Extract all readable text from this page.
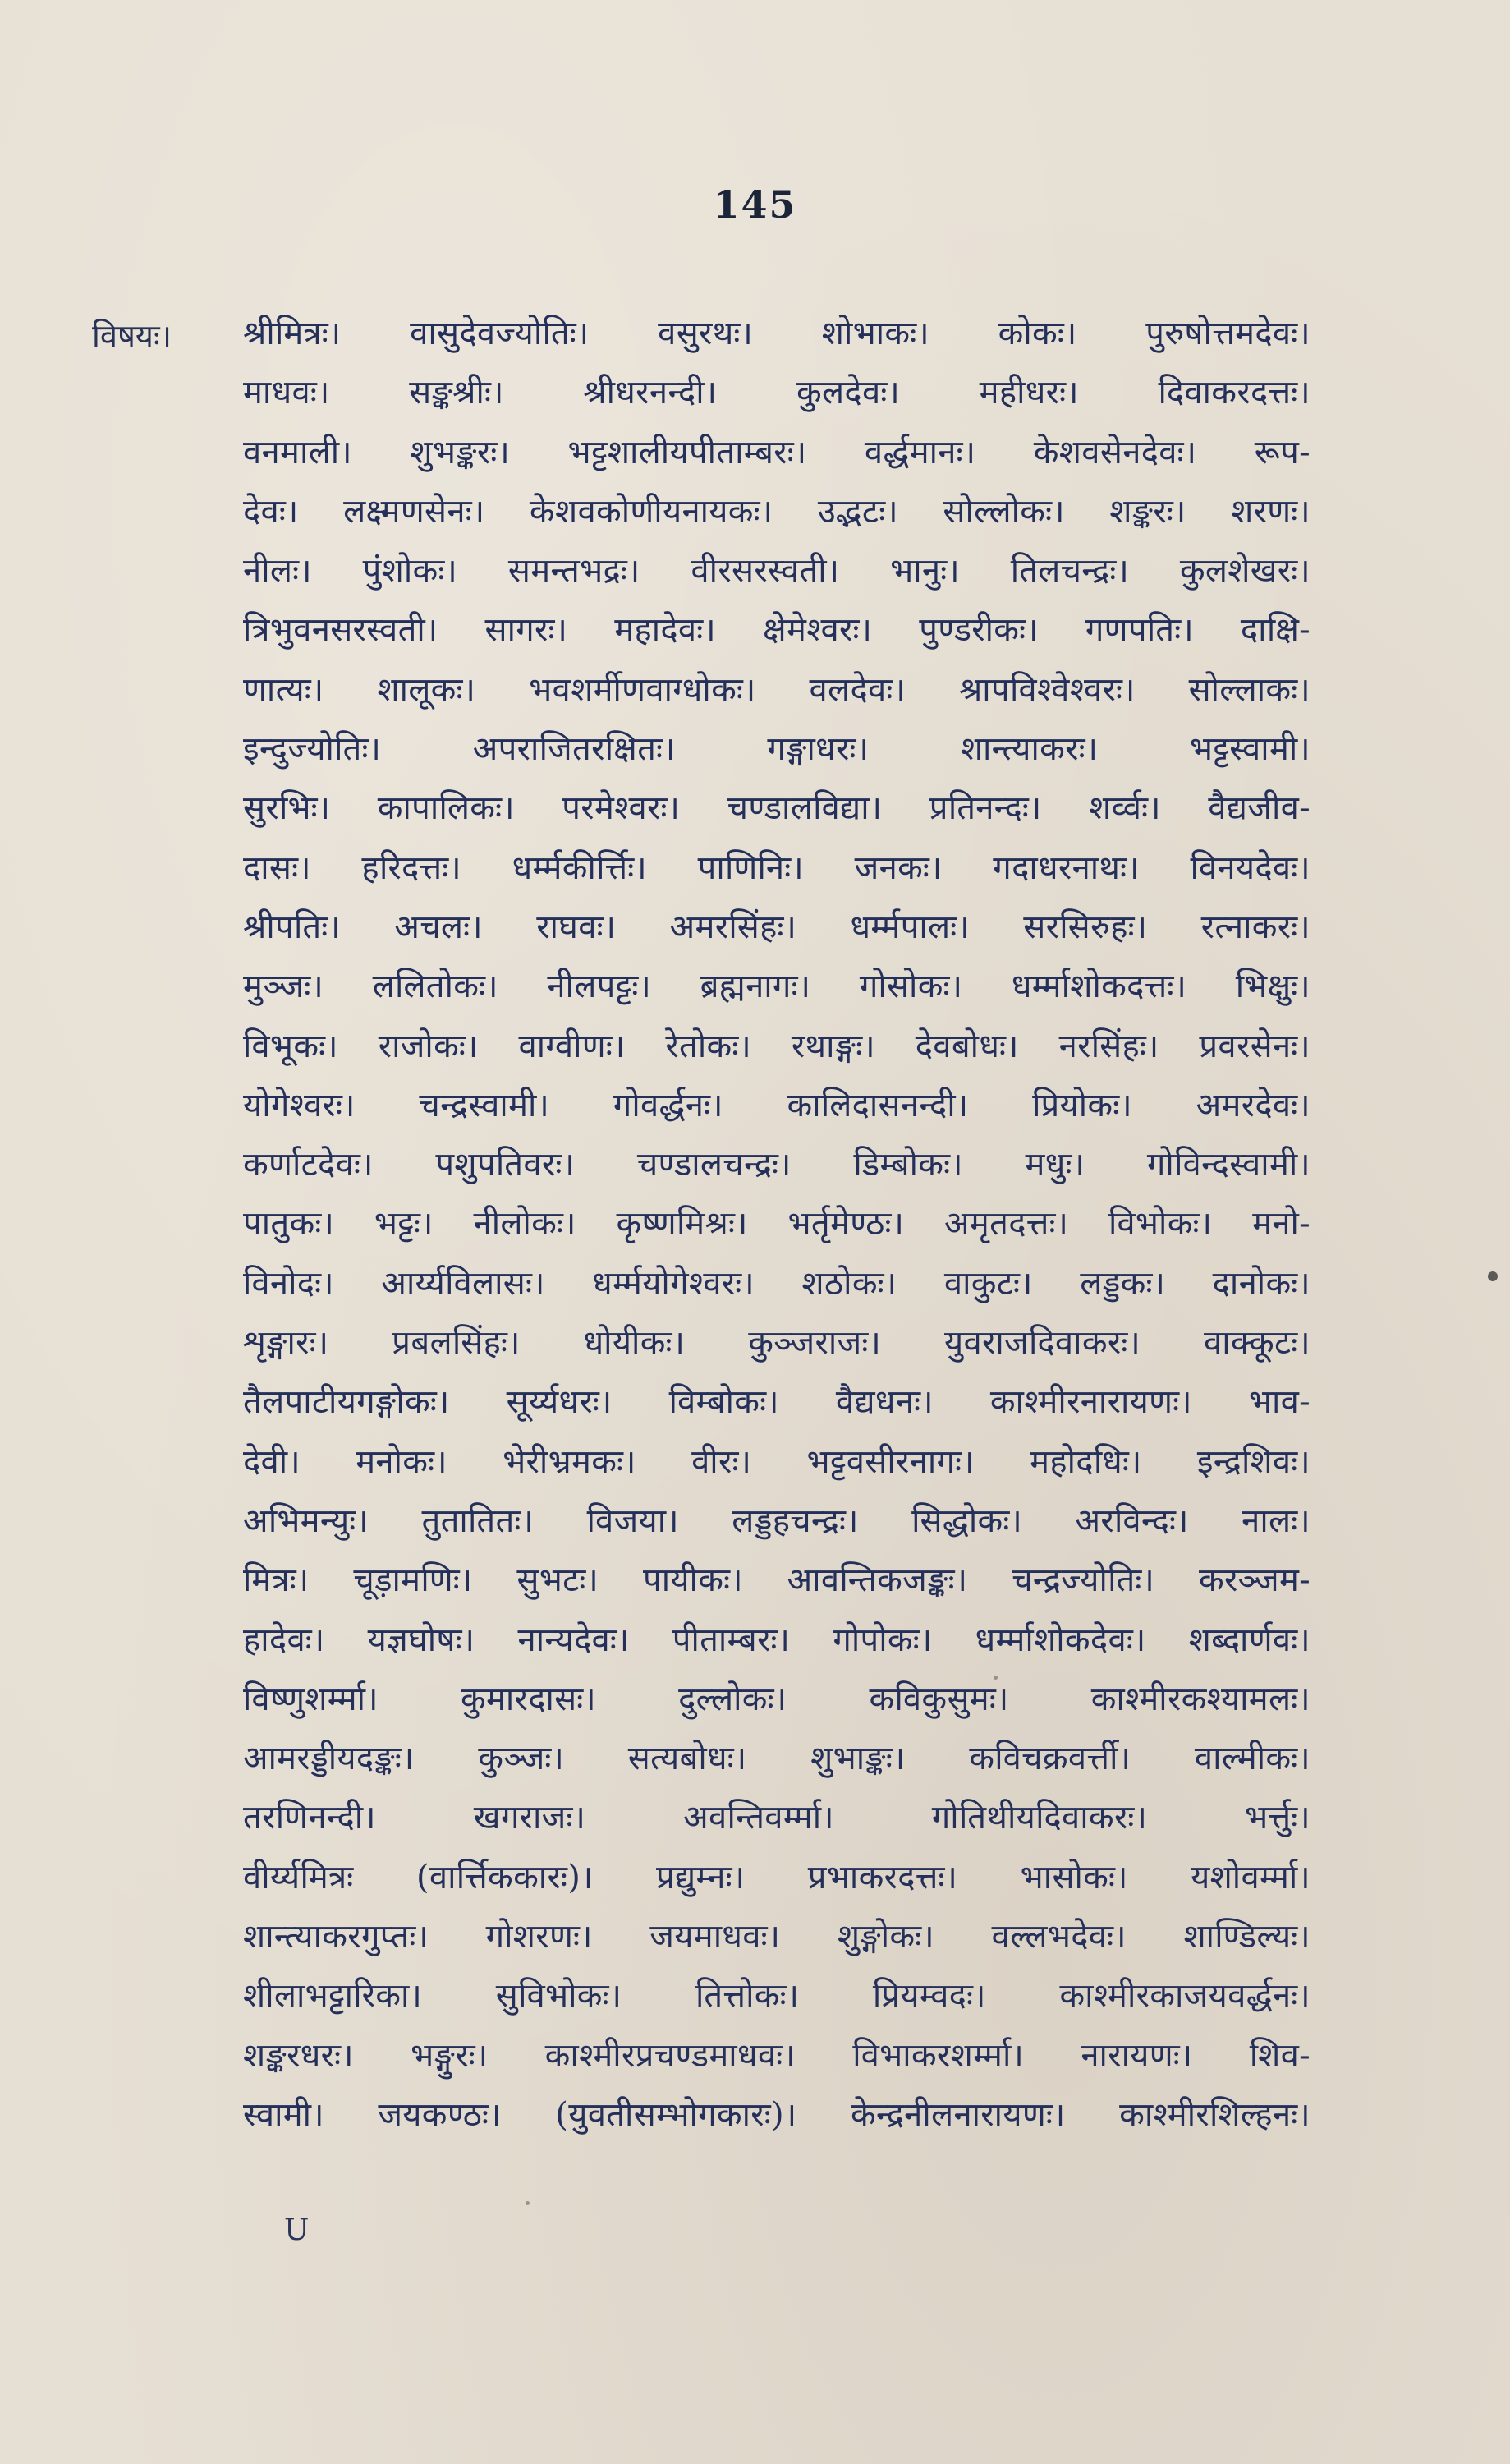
145
विषयः। श्रीमित्रः। वासुदेवज्योतिः। वसुरथः। शोभाकः। कोकः। पुरुषोत्तमदेवः।
माधवः। सङ्कश्रीः। श्रीधरनन्दी। कुलदेवः। महीधरः। दिवाकरदत्तः।
वनमाली। शुभङ्करः। भट्टशालीयपीताम्बरः। वर्द्धमानः। केशवसेनदेवः। रूप-
देवः। लक्ष्मणसेनः। केशवकोणीयनायकः। उद्भटः। सोल्लोकः। शङ्करः। शरणः।
नीलः। पुंशोकः। समन्तभद्रः। वीरसरस्वती। भानुः। तिलचन्द्रः। कुलशेखरः।
त्रिभुवनसरस्वती। सागरः। महादेवः। क्षेमेश्वरः। पुण्डरीकः। गणपतिः। दाक्षि-
णात्यः। शालूकः। भवशर्मीणवाग्धोकः। वलदेवः। श्रापविश्वेश्वरः। सोल्लाकः।
इन्दुज्योतिः। अपराजितरक्षितः। गङ्गाधरः। शान्त्याकरः। भट्टस्वामी।
सुरभिः। कापालिकः। परमेश्वरः। चण्डालविद्या। प्रतिनन्दः। शर्व्वः। वैद्यजीव-
दासः। हरिदत्तः। धर्म्मकीर्त्तिः। पाणिनिः। जनकः। गदाधरनाथः। विनयदेवः।
श्रीपतिः। अचलः। राघवः। अमरसिंहः। धर्म्मपालः। सरसिरुहः। रत्नाकरः।
मुञ्जः। ललितोकः। नीलपट्टः। ब्रह्मनागः। गोसोकः। धर्म्माशोकदत्तः। भिक्षुः।
विभूकः। राजोकः। वाग्वीणः। रेतोकः। रथाङ्गः। देवबोधः। नरसिंहः। प्रवरसेनः।
योगेश्वरः। चन्द्रस्वामी। गोवर्द्धनः। कालिदासनन्दी। प्रियोकः। अमरदेवः।
कर्णाटदेवः। पशुपतिवरः। चण्डालचन्द्रः। डिम्बोकः। मधुः। गोविन्दस्वामी।
पातुकः। भट्टः। नीलोकः। कृष्णमिश्रः। भर्तृमेण्ठः। अमृतदत्तः। विभोकः। मनो-
विनोदः। आर्य्यविलासः। धर्म्मयोगेश्वरः। शठोकः। वाकुटः। लड्डकः। दानोकः।
शृङ्गारः। प्रबलसिंहः। धोयीकः। कुञ्जराजः। युवराजदिवाकरः। वाक्कूटः।
तैलपाटीयगङ्गोकः। सूर्य्यधरः। विम्बोकः। वैद्यधनः। काश्मीरनारायणः। भाव-
देवी। मनोकः। भेरीभ्रमकः। वीरः। भट्टवसीरनागः। महोदधिः। इन्द्रशिवः।
अभिमन्युः। तुतातितः। विजया। लड्डहचन्द्रः। सिद्धोकः। अरविन्दः। नालः।
मित्रः। चूड़ामणिः। सुभटः। पायीकः। आवन्तिकजङ्कः। चन्द्रज्योतिः। करञ्जम-
हादेवः। यज्ञघोषः। नान्यदेवः। पीताम्बरः। गोपोकः। धर्म्माशोकदेवः। शब्दार्णवः।
विष्णुशर्म्मा। कुमारदासः। दुल्लोकः। कविकुसुमः। काश्मीरकश्यामलः।
आमरड्डीयदङ्कः। कुञ्जः। सत्यबोधः। शुभाङ्कः। कविचक्रवर्त्ती। वाल्मीकः।
तरणिनन्दी। खगराजः। अवन्तिवर्म्मा। गोतिथीयदिवाकरः। भर्त्तुः।
वीर्य्यमित्रः (वार्त्तिककारः)। प्रद्युम्नः। प्रभाकरदत्तः। भासोकः। यशोवर्म्मा।
शान्त्याकरगुप्तः। गोशरणः। जयमाधवः। शुङ्गोकः। वल्लभदेवः। शाण्डिल्यः।
शीलाभट्टारिका। सुविभोकः। तित्तोकः। प्रियम्वदः। काश्मीरकाजयवर्द्धनः।
शङ्करधरः। भङ्गुरः। काश्मीरप्रचण्डमाधवः। विभाकरशर्म्मा। नारायणः। शिव-
स्वामी। जयकण्ठः। (युवतीसम्भोगकारः)। केन्द्रनीलनारायणः। काश्मीरशिल्हनः।
U
